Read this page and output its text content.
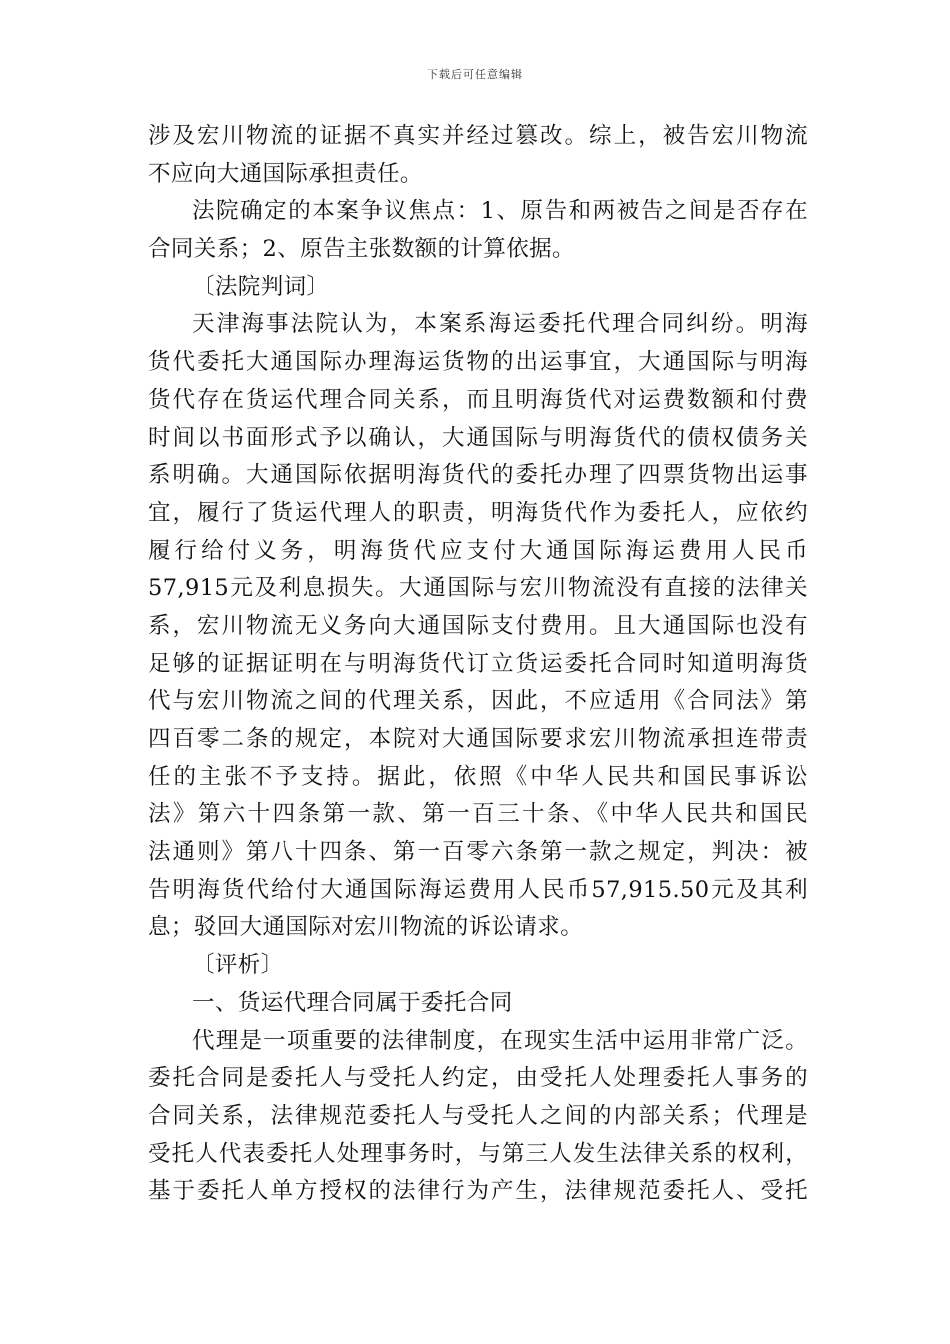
下载后可任意编辑
涉及宏川物流的证据不真实并经过篡改。综上，被告宏川物流
不应向大通国际承担责任。
法院确定的本案争议焦点：1、原告和两被告之间是否存在
合同关系；2、原告主张数额的计算依据。
〔法院判词〕
天津海事法院认为，本案系海运委托代理合同纠纷。明海
货代委托大通国际办理海运货物的出运事宜，大通国际与明海
货代存在货运代理合同关系，而且明海货代对运费数额和付费
时间以书面形式予以确认，大通国际与明海货代的债权债务关
系明确。大通国际依据明海货代的委托办理了四票货物出运事
宜，履行了货运代理人的职责，明海货代作为委托人，应依约
履行给付义务，明海货代应支付大通国际海运费用人民币
57,915元及利息损失。大通国际与宏川物流没有直接的法律关
系，宏川物流无义务向大通国际支付费用。且大通国际也没有
足够的证据证明在与明海货代订立货运委托合同时知道明海货
代与宏川物流之间的代理关系，因此，不应适用《合同法》第
四百零二条的规定，本院对大通国际要求宏川物流承担连带责
任的主张不予支持。据此，依照《中华人民共和国民事诉讼
法》第六十四条第一款、第一百三十条、《中华人民共和国民
法通则》第八十四条、第一百零六条第一款之规定，判决：被
告明海货代给付大通国际海运费用人民币57,915.50元及其利
息；驳回大通国际对宏川物流的诉讼请求。
〔评析〕
一、货运代理合同属于委托合同
代理是一项重要的法律制度，在现实生活中运用非常广泛。
委托合同是委托人与受托人约定，由受托人处理委托人事务的
合同关系，法律规范委托人与受托人之间的内部关系；代理是
受托人代表委托人处理事务时，与第三人发生法律关系的权利，
基于委托人单方授权的法律行为产生，法律规范委托人、受托
